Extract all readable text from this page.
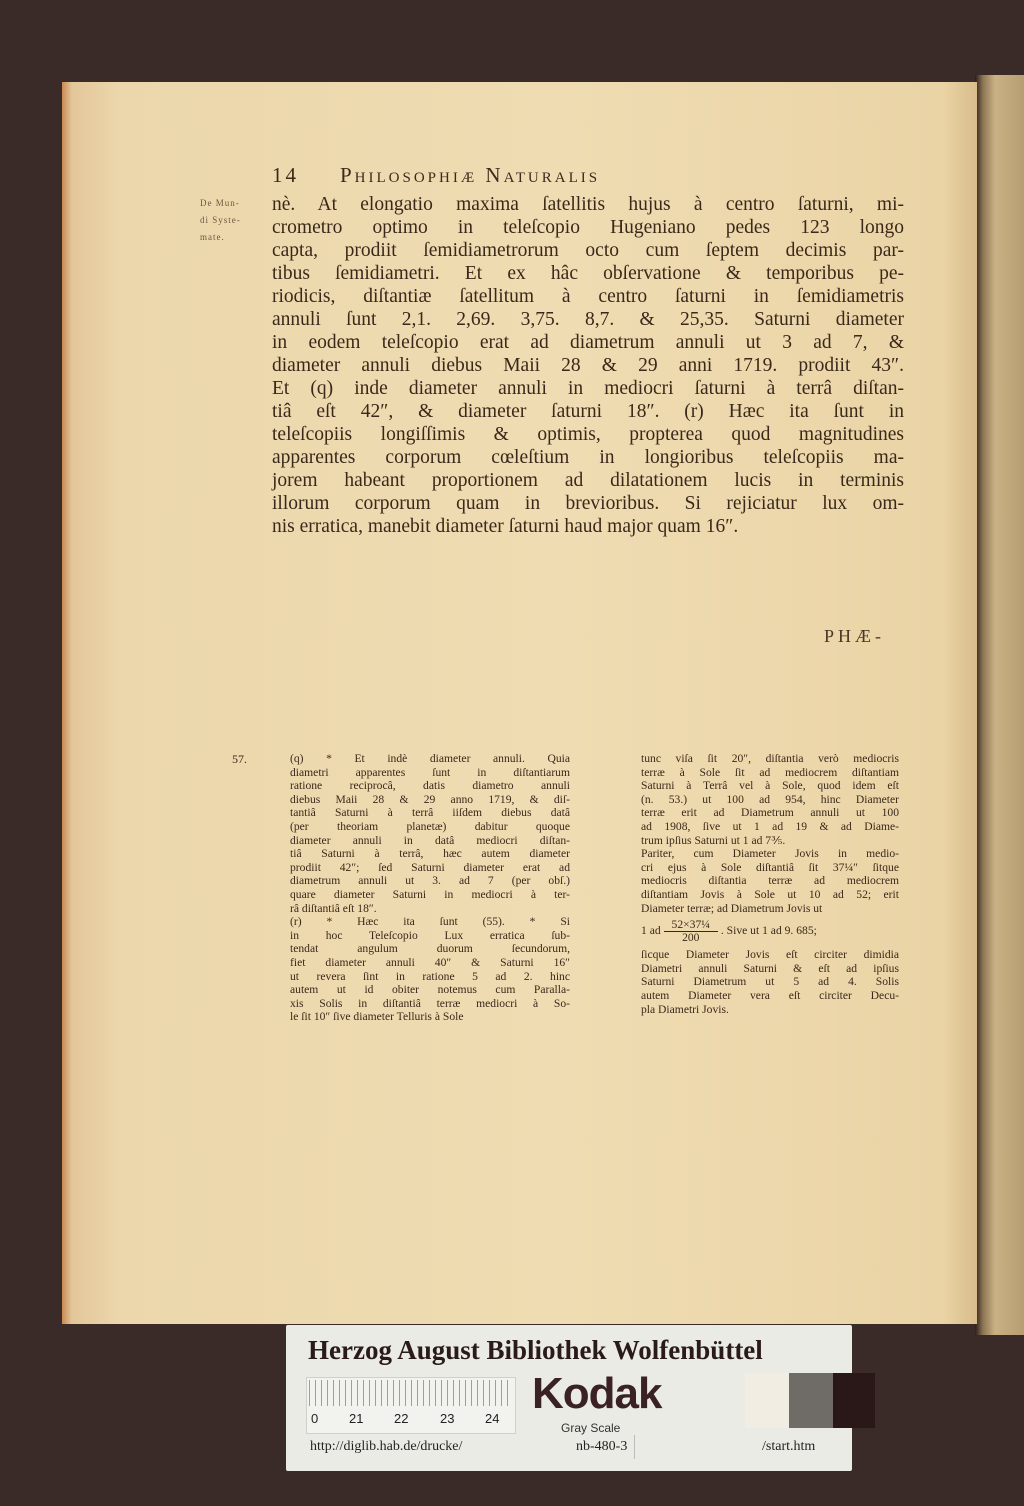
14 Philosophiæ Naturalis
De Mun-
di Syste-
mate.
nè. At elongatio maxima ſatellitis hujus à centro ſaturni, mi-
crometro optimo in teleſcopio Hugeniano pedes 123 longo
capta, prodiit ſemidiametrorum octo cum ſeptem decimis par-
tibus ſemidiametri. Et ex hâc obſervatione & temporibus pe-
riodicis, diſtantiæ ſatellitum à centro ſaturni in ſemidiametris
annuli ſunt 2,1. 2,69. 3,75. 8,7. & 25,35. Saturni diameter
in eodem teleſcopio erat ad diametrum annuli ut 3 ad 7, &
diameter annuli diebus Maii 28 & 29 anni 1719. prodiit 43″.
Et (q) inde diameter annuli in mediocri ſaturni à terrâ diſtan-
tiâ eſt 42″, & diameter ſaturni 18″. (r) Hæc ita ſunt in
teleſcopiis longiſſimis & optimis, propterea quod magnitudines
apparentes corporum cœleſtium in longioribus teleſcopiis ma-
jorem habeant proportionem ad dilatationem lucis in terminis
illorum corporum quam in brevioribus. Si rejiciatur lux om-
nis erratica, manebit diameter ſaturni haud major quam 16″.
PHÆ-
57.	(q) * Et indè diameter annuli. Quia
diametri apparentes ſunt in diſtantiarum
ratione reciprocâ, datis diametro annuli
diebus Maii 28 & 29 anno 1719, & diſ-
tantiâ Saturni à terrâ iiſdem diebus datâ
(per theoriam planetæ) dabitur quoque
diameter annuli in datâ mediocri diſtan-
tiâ Saturni à terrâ, hæc autem diameter
prodiit 42″; ſed Saturni diameter erat ad
diametrum annuli ut 3. ad 7 (per obſ.)
quare diameter Saturni in mediocri à ter-
râ diſtantiâ eſt 18″.
(r) * Hæc ita ſunt (55). * Si
in hoc Teleſcopio Lux erratica ſub-
tendat angulum duorum ſecundorum,
fiet diameter annuli 40″ & Saturni 16″
ut revera ſint in ratione 5 ad 2. hinc
autem ut id obiter notemus cum Paralla-
xis Solis in diſtantiâ terræ mediocri à So-
le ſit 10″ ſive diameter Telluris à Sole
tunc viſa ſit 20″, diſtantia verò mediocris
terræ à Sole ſit ad mediocrem diſtantiam
Saturni à Terrâ vel à Sole, quod idem eſt
(n. 53.) ut 100 ad 954, hinc Diameter
terræ erit ad Diametrum annuli ut 100
ad 1908, ſive ut 1 ad 19 & ad Diame-
trum ipſius Saturni ut 1 ad 7⅗.
Pariter, cum Diameter Jovis in medio-
cri ejus à Sole diſtantiâ ſit 37¼″ ſitque
mediocris diſtantia terræ ad mediocrem
diſtantiam Jovis à Sole ut 10 ad 52; erit
Diameter terræ; ad Diametrum Jovis ut
1 ad $\frac{\text{52×37¼}}{200}$ . Sive ut 1 ad 9. 685;
ſicque Diameter Jovis eſt circiter dimidia
Diametri annuli Saturni & eſt ad ipſius
Saturni Diametrum ut 5 ad 4. Solis
autem Diameter vera eſt circiter Decu-
pla Diametri Jovis.
Herzog August Bibliothek Wolfenbüttel
0 21 22 23 24
Kodak
Gray Scale
http://diglib.hab.de/drucke/	nb-480-3	/start.htm
